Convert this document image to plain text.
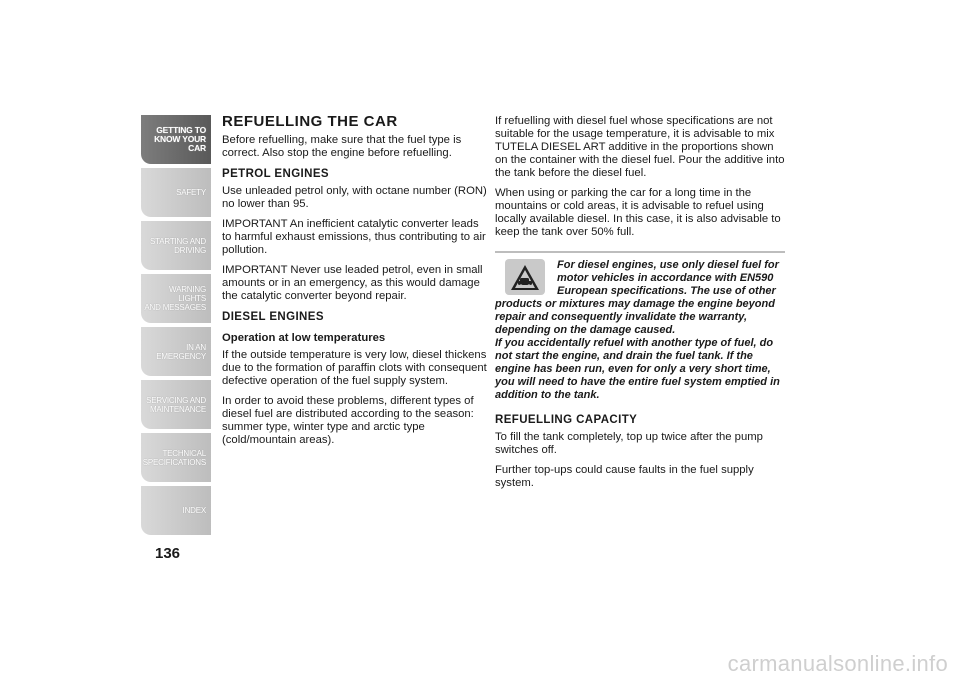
GETTING TO
KNOW YOUR CAR
SAFETY
STARTING AND
DRIVING
WARNING LIGHTS
AND MESSAGES
IN AN EMERGENCY
SERVICING AND
MAINTENANCE
TECHNICAL
SPECIFICATIONS
INDEX
136
REFUELLING THE CAR

Before refuelling, make sure that the fuel type is correct. Also stop the engine before refuelling.

PETROL ENGINES

Use unleaded petrol only, with octane number (RON) no lower than 95.

IMPORTANT An inefficient catalytic converter leads to harmful exhaust emissions, thus contributing to air pollution.

IMPORTANT Never use leaded petrol, even in small amounts or in an emergency, as this would damage the catalytic converter beyond repair.

DIESEL ENGINES
Operation at low temperatures

If the outside temperature is very low, diesel thickens due to the formation of paraffin clots with consequent defective operation of the fuel supply system.

In order to avoid these problems, different types of diesel fuel are distributed according to the season: summer type, winter type and arctic type (cold/mountain areas).

If refuelling with diesel fuel whose specifications are not suitable for the usage temperature, it is advisable to mix TUTELA DIESEL ART additive in the proportions shown on the container with the diesel fuel. Pour the additive into the tank before the diesel fuel.

When using or parking the car for a long time in the mountains or cold areas, it is advisable to refuel using locally available diesel. In this case, it is also advisable to keep the tank over 50% full.

For diesel engines, use only diesel fuel for motor vehicles in accordance with EN590 European specifications. The use of other products or mixtures may damage the engine beyond repair and consequently invalidate the warranty, depending on the damage caused.

If you accidentally refuel with another type of fuel, do not start the engine, and drain the fuel tank. If the engine has been run, even for only a very short time, you will need to have the entire fuel system emptied in addition to the tank.

REFUELLING CAPACITY

To fill the tank completely, top up twice after the pump switches off.

Further top-ups could cause faults in the fuel supply system.

carmanualsonline.info
